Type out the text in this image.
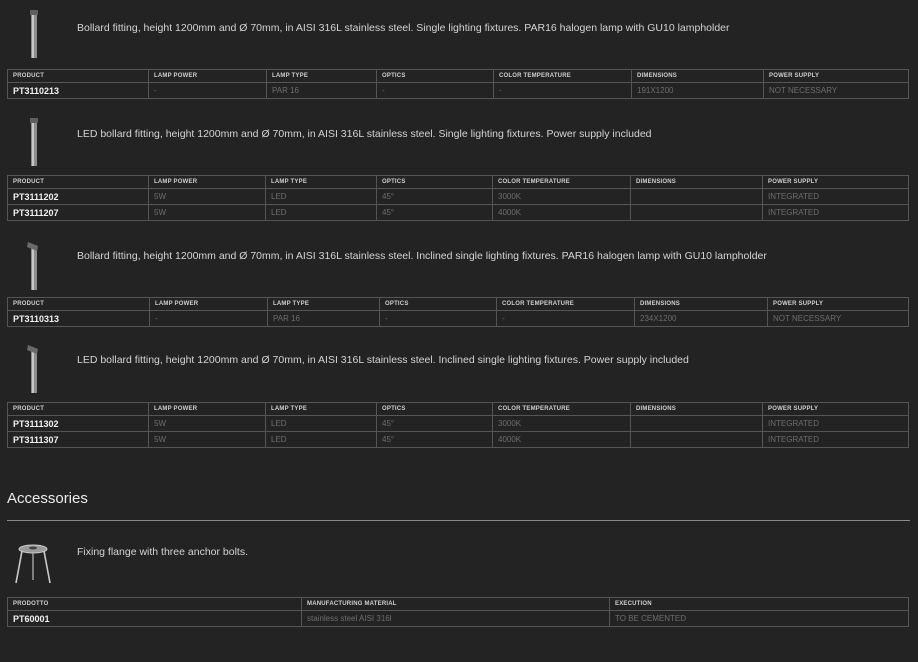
Bollard fitting, height 1200mm and Ø 70mm, in AISI 316L stainless steel. Single lighting fixtures. PAR16 halogen lamp with GU10 lampholder
PRODUCT	LAMP POWER	LAMP TYPE	OPTICS	COLOR TEMPERATURE	DIMENSIONS	POWER SUPPLY
PT3110213	-	PAR 16	-	-	191X1200	NOT NECESSARY
LED bollard fitting, height 1200mm and Ø 70mm, in AISI 316L stainless steel. Single lighting fixtures. Power supply included
PRODUCT	LAMP POWER	LAMP TYPE	OPTICS	COLOR TEMPERATURE	DIMENSIONS	POWER SUPPLY
PT3111202	5W	LED	45°	3000K		INTEGRATED
PT3111207	5W	LED	45°	4000K		INTEGRATED
Bollard fitting, height 1200mm and Ø 70mm, in AISI 316L stainless steel. Inclined single lighting fixtures. PAR16 halogen lamp with GU10 lampholder
PRODUCT	LAMP POWER	LAMP TYPE	OPTICS	COLOR TEMPERATURE	DIMENSIONS	POWER SUPPLY
PT3110313	-	PAR 16	-	-	234X1200	NOT NECESSARY
LED bollard fitting, height 1200mm and Ø 70mm, in AISI 316L stainless steel. Inclined single lighting fixtures. Power supply included
PRODUCT	LAMP POWER	LAMP TYPE	OPTICS	COLOR TEMPERATURE	DIMENSIONS	POWER SUPPLY
PT3111302	5W	LED	45°	3000K		INTEGRATED
PT3111307	5W	LED	45°	4000K		INTEGRATED
Accessories
Fixing flange with three anchor bolts.
PRODOTTO	MANUFACTURING MATERIAL	EXECUTION
PT60001	stainless steel AISI 316l	TO BE CEMENTED
